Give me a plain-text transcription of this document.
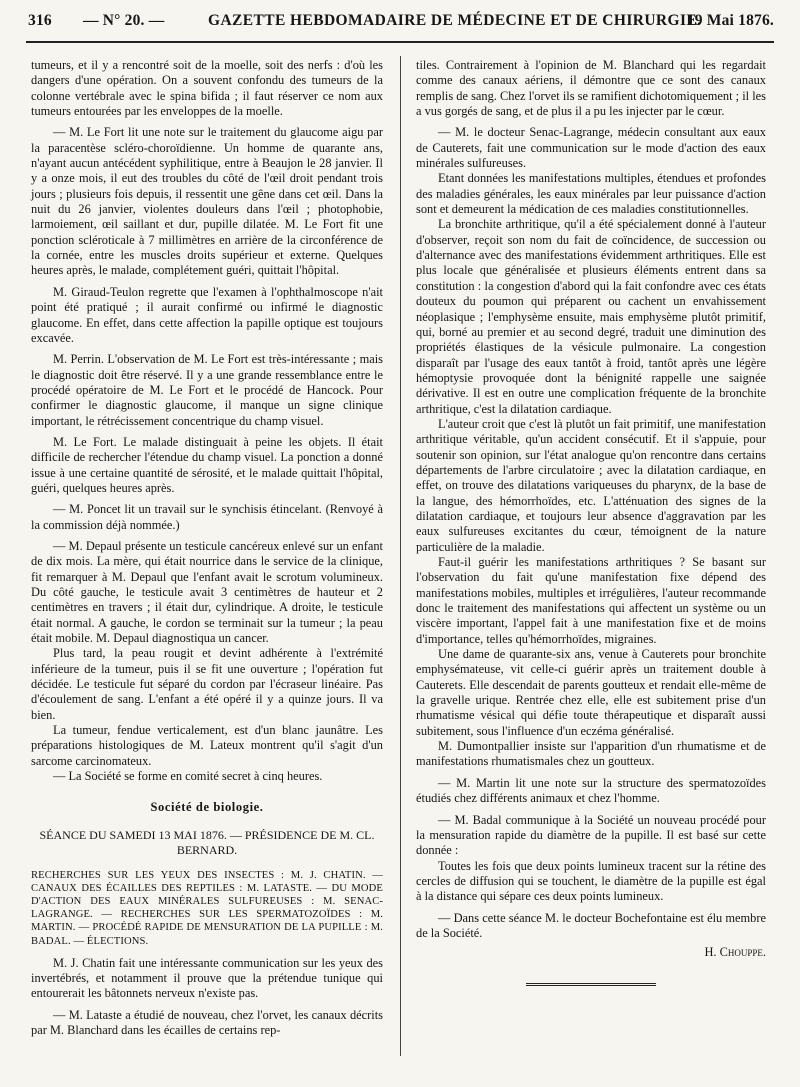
316 — N° 20. —	GAZETTE HEBDOMADAIRE DE MÉDECINE ET DE CHIRURGIE.
19 Mai 1876.

tumeurs, et il y a rencontré soit de la moelle, soit des nerfs : d'où les dangers d'une opération. On a souvent confondu des tumeurs de la colonne vertébrale avec le spina bifida ; il faut réserver ce nom aux tumeurs entourées par les enveloppes de la moelle.

— M. Le Fort lit une note sur le traitement du glaucome aigu par la paracentèse scléro-choroïdienne. Un homme de quarante ans, n'ayant aucun antécédent syphilitique, entre à Beaujon le 28 janvier. Il y a onze mois, il eut des troubles du côté de l'œil droit pendant trois jours ; plusieurs fois depuis, il ressentit une gêne dans cet œil. Dans la nuit du 26 janvier, violentes douleurs dans l'œil ; photophobie, larmoiement, œil saillant et dur, pupille dilatée. M. Le Fort fit une ponction scléroticale à 7 millimètres en arrière de la circonférence de la cornée, entre les muscles droits supérieur et externe. Quelques heures après, le malade, complétement guéri, quittait l'hôpital.

M. Giraud-Teulon regrette que l'examen à l'ophthalmoscope n'ait point été pratiqué ; il aurait confirmé ou infirmé le diagnostic glaucome. En effet, dans cette affection la papille optique est toujours excavée.

M. Perrin. L'observation de M. Le Fort est très-intéressante ; mais le diagnostic doit être réservé. Il y a une grande ressemblance entre le procédé opératoire de M. Le Fort et le procédé de Hancock. Pour confirmer le diagnostic glaucome, il manque un signe clinique important, le rétrécissement concentrique du champ visuel.

M. Le Fort. Le malade distinguait à peine les objets. Il était difficile de rechercher l'étendue du champ visuel. La ponction a donné issue à une certaine quantité de sérosité, et le malade quittait l'hôpital, guéri, quelques heures après.

— M. Poncet lit un travail sur le synchisis étincelant. (Renvoyé à la commission déjà nommée.)

— M. Depaul présente un testicule cancéreux enlevé sur un enfant de dix mois. La mère, qui était nourrice dans le service de la clinique, fit remarquer à M. Depaul que l'enfant avait le scrotum volumineux. Du côté gauche, le testicule avait 3 centimètres de hauteur et 2 centimètres en travers ; il était dur, cylindrique. A droite, le testicule était normal. A gauche, le cordon se terminait sur la tumeur ; la peau était mobile. M. Depaul diagnostiqua un cancer.

Plus tard, la peau rougit et devint adhérente à l'extrémité inférieure de la tumeur, puis il se fit une ouverture ; l'opération fut décidée. Le testicule fut séparé du cordon par l'écraseur linéaire. Pas d'écoulement de sang. L'enfant a été opéré il y a quinze jours. Il va bien.

La tumeur, fendue verticalement, est d'un blanc jaunâtre. Les préparations histologiques de M. Lateux montrent qu'il s'agit d'un sarcome carcinomateux.

— La Société se forme en comité secret à cinq heures.

Société de biologie.

SÉANCE DU SAMEDI 13 MAI 1876. — PRÉSIDENCE DE M. CL. BERNARD.

RECHERCHES SUR LES YEUX DES INSECTES : M. J. CHATIN. — CANAUX DES ÉCAILLES DES REPTILES : M. LATASTE. — DU MODE D'ACTION DES EAUX MINÉRALES SULFUREUSES : M. SENAC-LAGRANGE. — RECHERCHES SUR LES SPERMATOZOÏDES : M. MARTIN. — PROCÉDÉ RAPIDE DE MENSURATION DE LA PUPILLE : M. BADAL. — ÉLECTIONS.

M. J. Chatin fait une intéressante communication sur les yeux des invertébrés, et notamment il prouve que la prétendue tunique qui entourerait les bâtonnets nerveux n'existe pas.

— M. Lataste a étudié de nouveau, chez l'orvet, les canaux décrits par M. Blanchard dans les écailles de certains rep-

tiles. Contrairement à l'opinion de M. Blanchard qui les regardait comme des canaux aériens, il démontre que ce sont des canaux remplis de sang. Chez l'orvet ils se ramifient dichotomiquement ; il les a vus gorgés de sang, et de plus il a pu les injecter par le cœur.

— M. le docteur Senac-Lagrange, médecin consultant aux eaux de Cauterets, fait une communication sur le mode d'action des eaux minérales sulfureuses.

Etant données les manifestations multiples, étendues et profondes des maladies générales, les eaux minérales par leur puissance d'action sont et demeurent la médication de ces maladies constitutionnelles.

La bronchite arthritique, qu'il a été spécialement donné à l'auteur d'observer, reçoit son nom du fait de coïncidence, de succession ou d'alternance avec des manifestations évidemment arthritiques. Elle est plus locale que généralisée et plusieurs éléments entrent dans sa constitution : la congestion d'abord qui la fait confondre avec ces états douteux du poumon qui préparent ou cachent un envahissement néoplasique ; l'emphysème ensuite, mais emphysème plutôt primitif, qui, borné au premier et au second degré, traduit une diminution des propriétés élastiques de la vésicule pulmonaire. La congestion disparaît par l'usage des eaux tantôt à froid, tantôt après une légère hémoptysie provoquée dont la bénignité rappelle une saignée dérivative. Il est en outre une complication fréquente de la bronchite arthritique, c'est la dilatation cardiaque.

L'auteur croit que c'est là plutôt un fait primitif, une manifestation arthritique véritable, qu'un accident consécutif. Et il s'appuie, pour soutenir son opinion, sur l'état analogue qu'on rencontre dans certains départements de l'arbre circulatoire ; avec la dilatation cardiaque, en effet, on trouve des dilatations variqueuses du pharynx, de la base de la langue, des hémorrhoïdes, etc. L'atténuation des signes de la dilatation cardiaque, et toujours leur absence d'aggravation par les eaux sulfureuses excitantes du cœur, témoignent de la nature particulière de la maladie.

Faut-il guérir les manifestations arthritiques ? Se basant sur l'observation du fait qu'une manifestation fixe dépend des manifestations mobiles, multiples et irrégulières, l'auteur recommande donc le traitement des manifestations qui affectent un système ou un viscère important, l'appel fait à une manifestation fixe et de moins d'importance, telles qu'hémorrhoïdes, migraines.

Une dame de quarante-six ans, venue à Cauterets pour bronchite emphysémateuse, vit celle-ci guérir après un traitement double à Cauterets. Elle descendait de parents goutteux et rendait elle-même de la gravelle urique. Rentrée chez elle, elle est subitement prise d'un rhumatisme vésical qui défie toute thérapeutique et disparaît aussi subitement, sous l'influence d'un eczéma généralisé.

M. Dumontpallier insiste sur l'apparition d'un rhumatisme et de manifestations rhumatismales chez un goutteux.

— M. Martin lit une note sur la structure des spermatozoïdes étudiés chez différents animaux et chez l'homme.

— M. Badal communique à la Société un nouveau procédé pour la mensuration rapide du diamètre de la pupille. Il est basé sur cette donnée :

Toutes les fois que deux points lumineux tracent sur la rétine des cercles de diffusion qui se touchent, le diamètre de la pupille est égal à la distance qui sépare ces deux points lumineux.

— Dans cette séance M. le docteur Bochefontaine est élu membre de la Société.

H. Chouppe.
